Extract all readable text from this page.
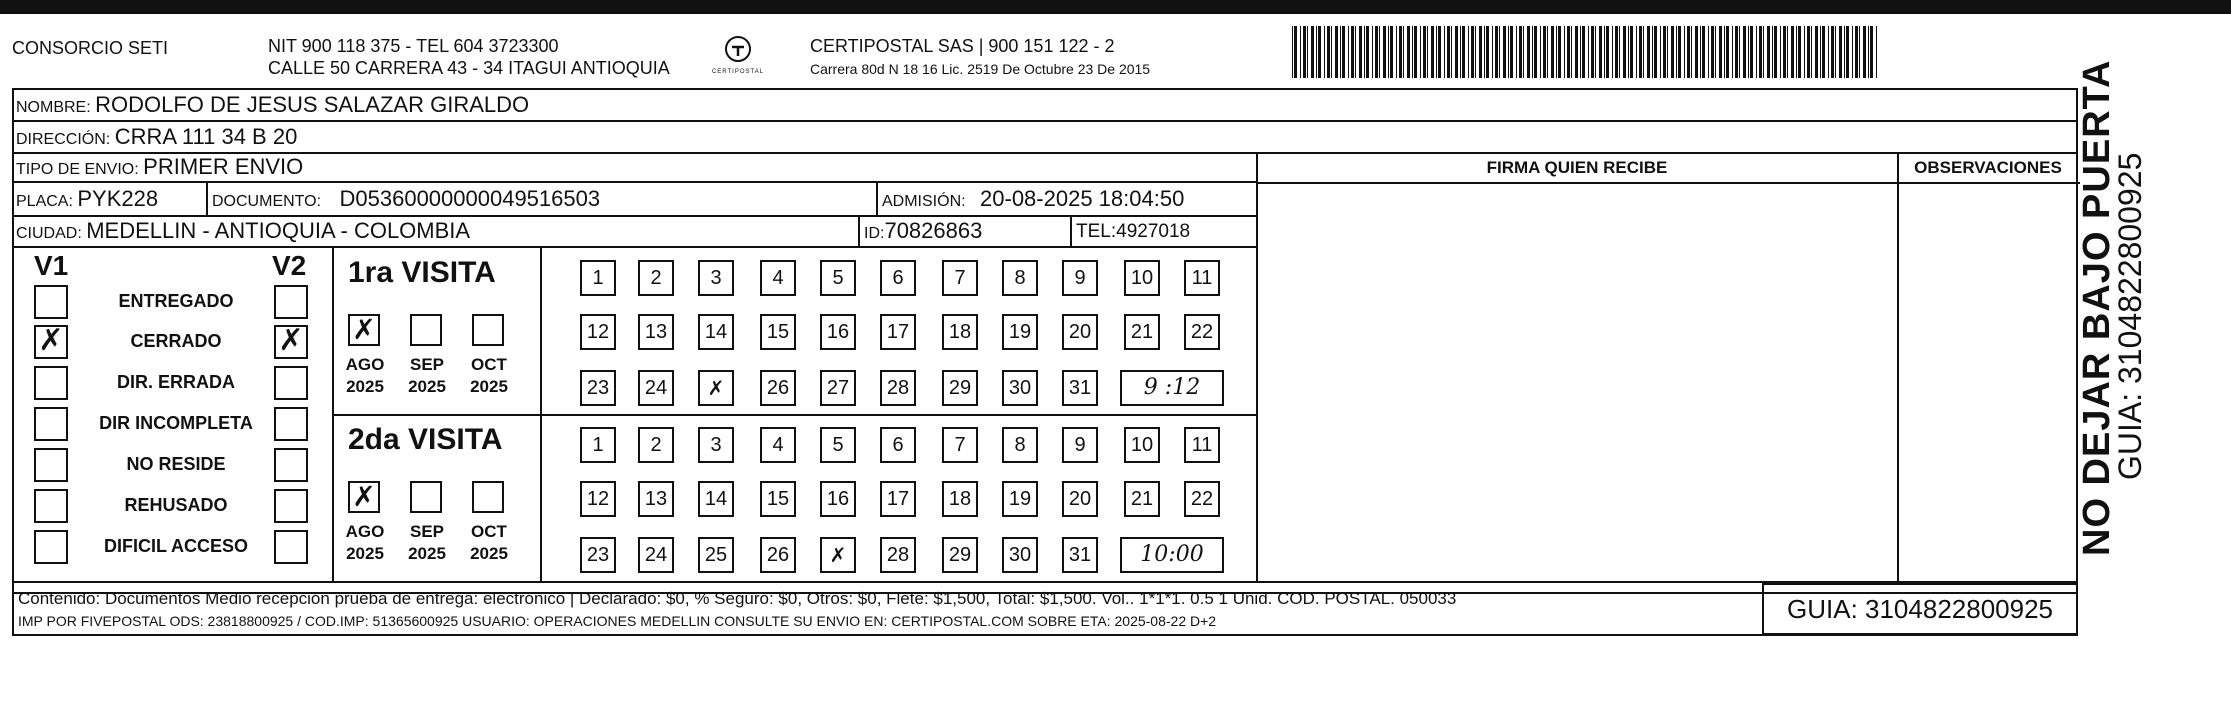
CONSORCIO SETI	NIT 900 118 375 - TEL 604 3723300
CALLE 50 CARRERA 43 - 34 ITAGUI ANTIOQUIA	CERTIPOSTAL
CERTIPOSTAL SAS | 900 151 122 - 2
Carrera 80d N 18 16 Lic. 2519 De Octubre 23 De 2015
NOMBRE: RODOLFO DE JESUS SALAZAR GIRALDO
DIRECCIÓN: CRRA 111 34 B 20
TIPO DE ENVIO: PRIMER ENVIO
PLACA: PYK228	DOCUMENTO: D05360000000049516503	ADMISIÓN: 20-08-2025 18:04:50
CIUDAD: MEDELLIN - ANTIOQUIA - COLOMBIA	ID:70826863	TEL:4927018
FIRMA QUIEN RECIBE	OBSERVACIONES
V1	V2
ENTREGADO
✗	CERRADO	✗
DIR. ERRADA
DIR INCOMPLETA
NO RESIDE
REHUSADO
DIFICIL ACCESO
1ra VISITA
✗
AGO
2025
SEP
2025
OCT
2025
1	2	3	4	5	6	7	8	9	10	11
12	13	14	15	16	17	18	19	20	21	22
23	24	✗	26	27	28	29	30	31	9 :12
2da VISITA
✗
AGO
2025
SEP
2025
OCT
2025
1	2	3	4	5	6	7	8	9	10	11
12	13	14	15	16	17	18	19	20	21	22
23	24	25	26	✗	28	29	30	31	10:00
Contenido: Documentos Medio recepción prueba de entrega: electrónico | Declarado: $0, % Seguro: $0, Otros: $0, Flete: $1,500, Total: $1,500. Vol.. 1*1*1. 0.5 1 Unid. COD. POSTAL. 050033
IMP POR FIVEPOSTAL ODS: 23818800925 / COD.IMP: 51365600925 USUARIO: OPERACIONES MEDELLIN CONSULTE SU ENVIO EN: CERTIPOSTAL.COM SOBRE ETA: 2025-08-22 D+2	GUIA: 3104822800925
NO DEJAR BAJO PUERTA
GUIA: 3104822800925
